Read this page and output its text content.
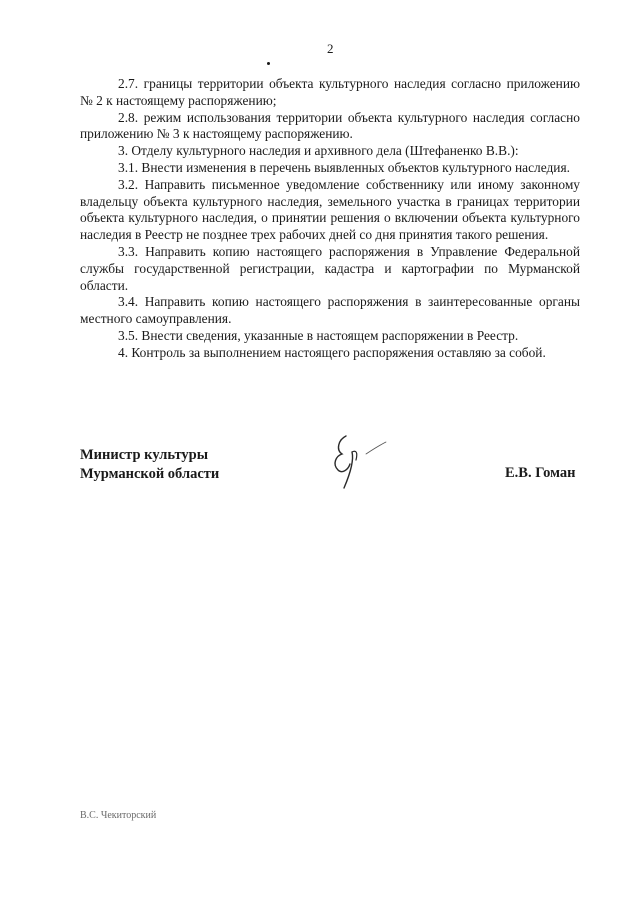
2

2.7. границы территории объекта культурного наследия согласно приложению № 2 к настоящему распоряжению;

2.8. режим использования территории объекта культурного наследия согласно приложению № 3 к настоящему распоряжению.

3. Отделу культурного наследия и архивного дела (Штефаненко В.В.):

3.1. Внести изменения в перечень выявленных объектов культурного наследия.

3.2. Направить письменное уведомление собственнику или иному законному владельцу объекта культурного наследия, земельного участка в границах территории объекта культурного наследия, о принятии решения о включении объекта культурного наследия в Реестр не позднее трех рабочих дней со дня принятия такого решения.

3.3. Направить копию настоящего распоряжения в Управление Федеральной службы государственной регистрации, кадастра и картографии по Мурманской области.

3.4. Направить копию настоящего распоряжения в заинтересованные органы местного самоуправления.

3.5. Внести сведения, указанные в настоящем распоряжении в Реестр.

4. Контроль за выполнением настоящего распоряжения оставляю за собой.

Министр культуры
Мурманской области	Е.В. Гоман
В.С. Чекиторский
